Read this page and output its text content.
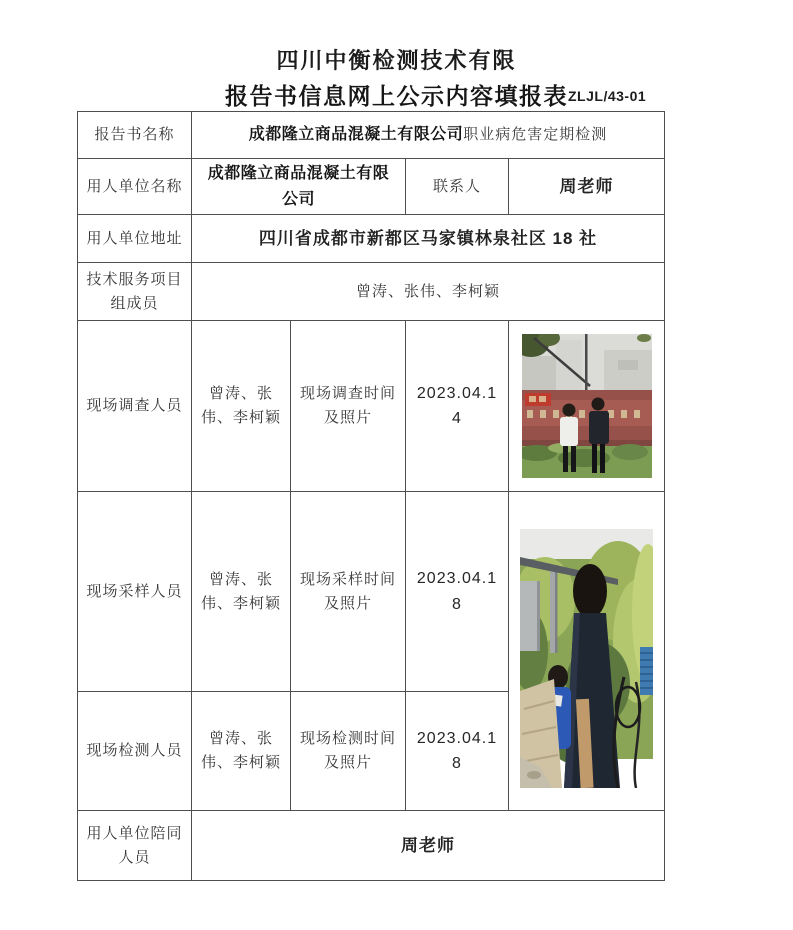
四川中衡检测技术有限
报告书信息网上公示内容填报表 ZLJL/43-01
报告书名称	成都隆立商品混凝土有限公司职业病危害定期检测			
用人单位名称	成都隆立商品混凝土有限公司		联系人	周老师
用人单位地址	四川省成都市新都区马家镇林泉社区 18 社			
技术服务项目组成员	曾涛、张伟、李柯颖			
现场调查人员	曾涛、张伟、李柯颖	现场调查时间及照片	2023.04.14	

现场采样人员	曾涛、张伟、李柯颖	现场采样时间及照片	2023.04.18	

现场检测人员	曾涛、张伟、李柯颖	现场检测时间及照片	2023.04.18	
用人单位陪同人员	周老师			
